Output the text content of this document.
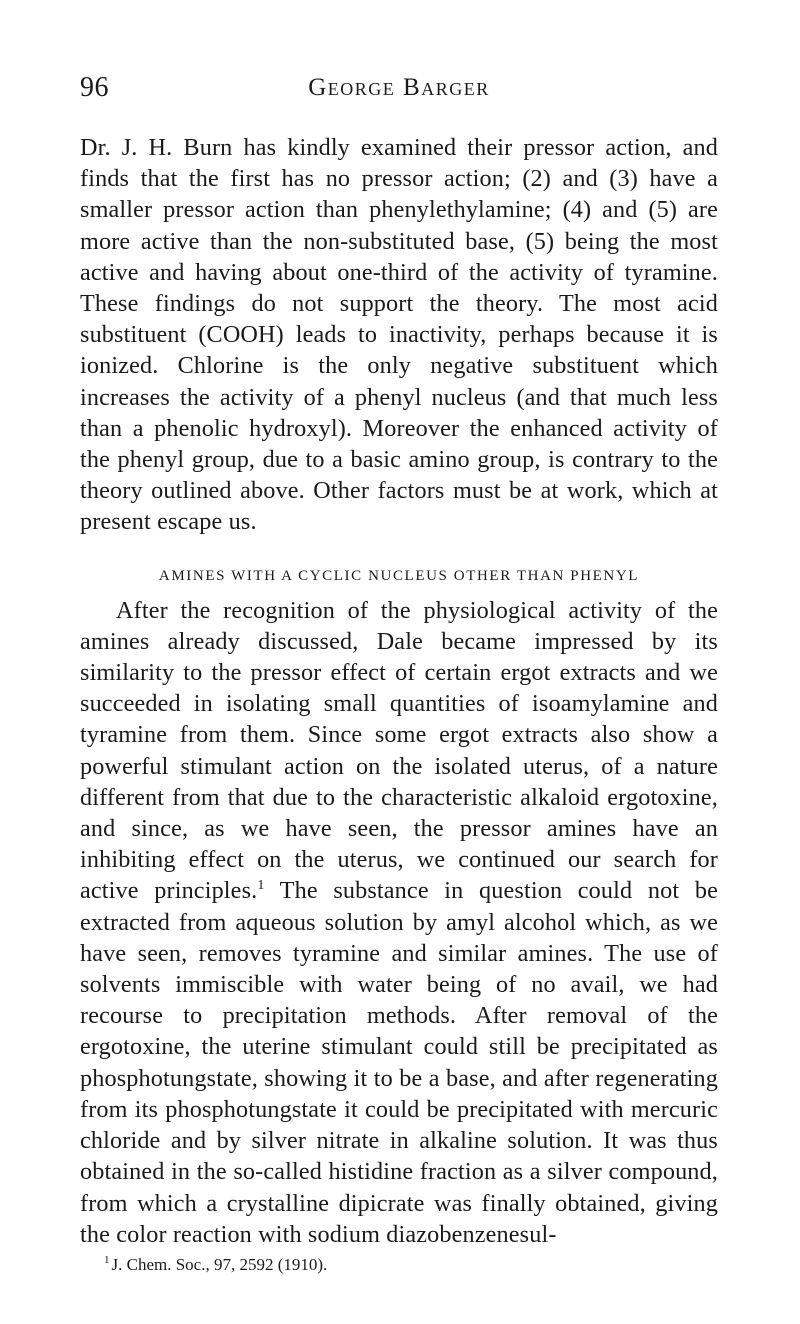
96	George Barger

Dr. J. H. Burn has kindly examined their pressor action, and finds that the first has no pressor action; (2) and (3) have a smaller pressor action than phenylethylamine; (4) and (5) are more active than the non-substituted base, (5) being the most active and having about one-third of the activity of tyramine. These findings do not support the theory. The most acid substituent (COOH) leads to inactivity, perhaps because it is ionized. Chlorine is the only negative substituent which increases the activity of a phenyl nucleus (and that much less than a phenolic hydroxyl). Moreover the enhanced activity of the phenyl group, due to a basic amino group, is contrary to the theory outlined above. Other factors must be at work, which at present escape us.

AMINES WITH A CYCLIC NUCLEUS OTHER THAN PHENYL

After the recognition of the physiological activity of the amines already discussed, Dale became impressed by its similarity to the pressor effect of certain ergot extracts and we succeeded in isolating small quantities of isoamylamine and tyramine from them. Since some ergot extracts also show a powerful stimulant action on the isolated uterus, of a nature different from that due to the characteristic alkaloid ergotoxine, and since, as we have seen, the pressor amines have an inhibiting effect on the uterus, we continued our search for active principles.$^1$ The substance in question could not be extracted from aqueous solution by amyl alcohol which, as we have seen, removes tyramine and similar amines. The use of solvents immiscible with water being of no avail, we had recourse to precipitation methods. After removal of the ergotoxine, the uterine stimulant could still be precipitated as phosphotungstate, showing it to be a base, and after regenerating from its phosphotungstate it could be precipitated with mercuric chloride and by silver nitrate in alkaline solution. It was thus obtained in the so-called histidine fraction as a silver compound, from which a crystalline dipicrate was finally obtained, giving the color reaction with sodium diazobenzenesul-

$^1$ J. Chem. Soc., 97, 2592 (1910).
